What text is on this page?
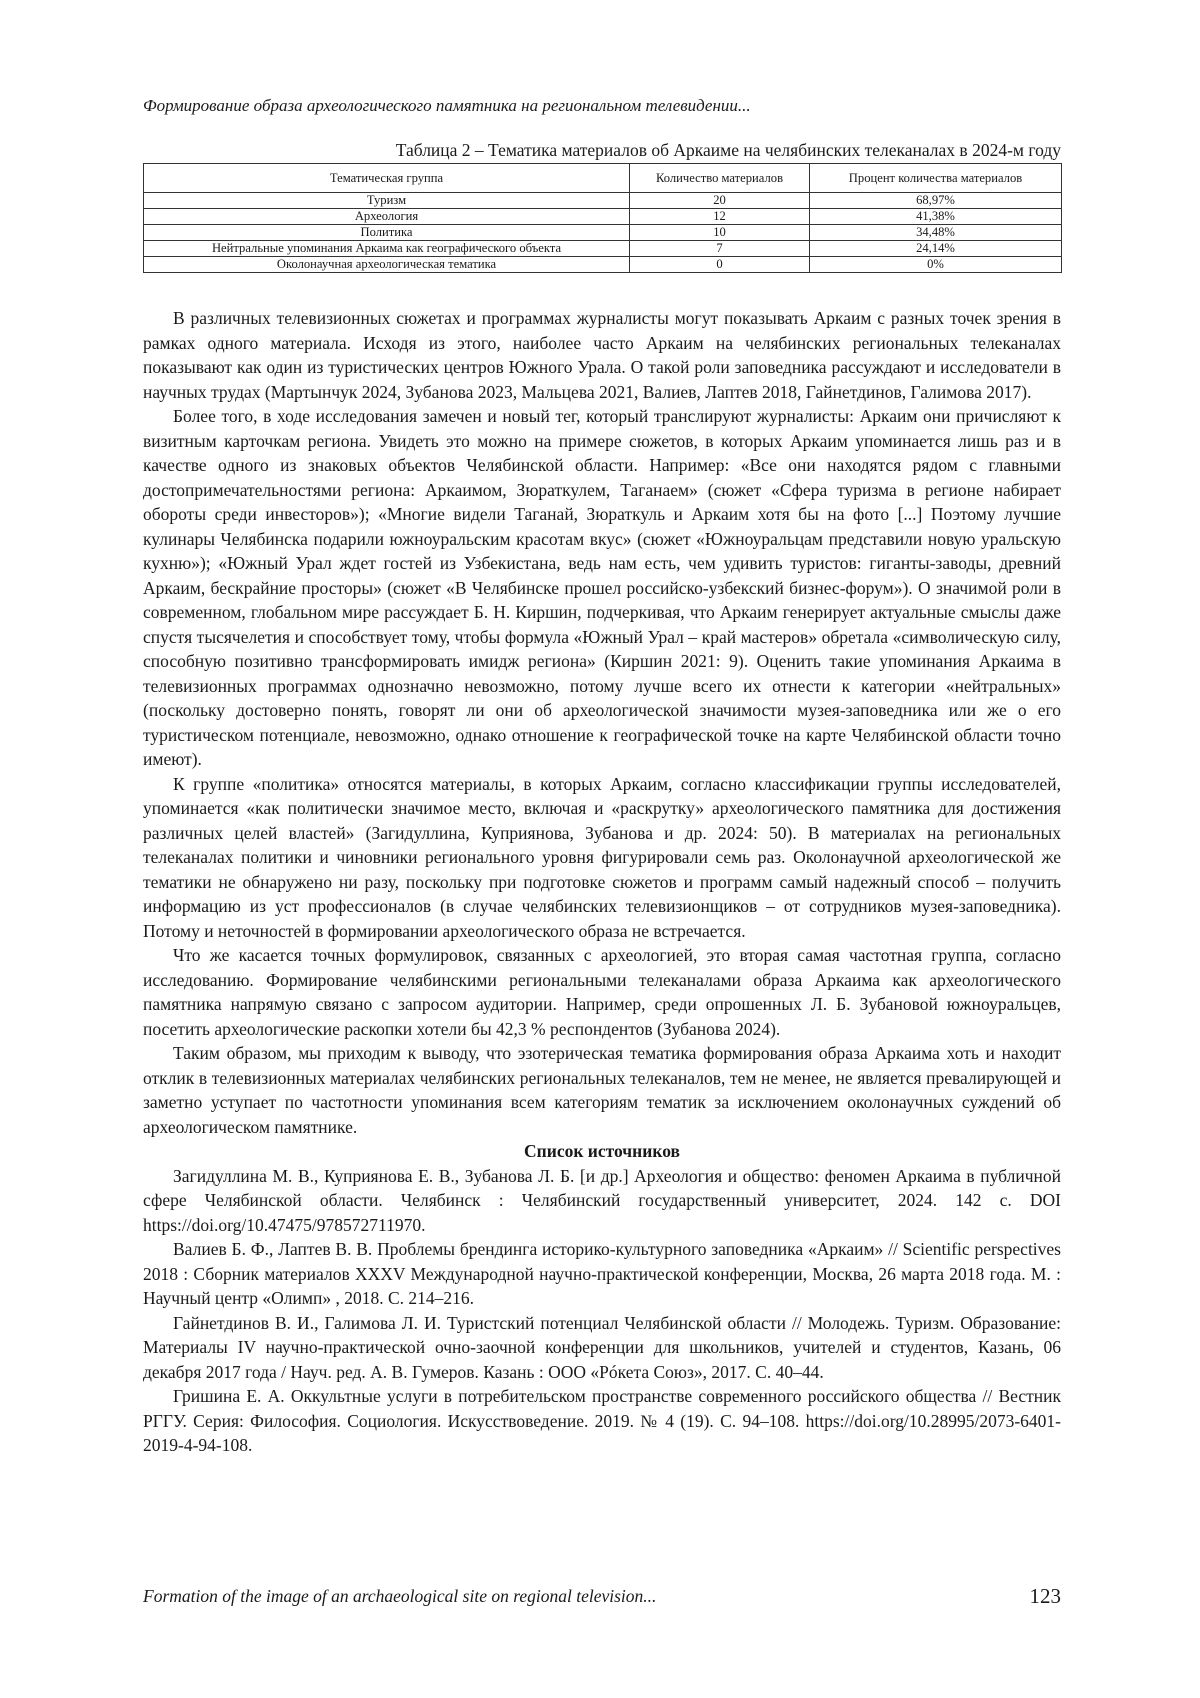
Формирование образа археологического памятника на региональном телевидении...
Таблица 2 – Тематика материалов об Аркаиме на челябинских телеканалах в 2024-м году
Тематическая группа	Количество материалов	Процент количества материалов
Туризм	20	68,97%
Археология	12	41,38%
Политика	10	34,48%
Нейтральные упоминания Аркаима как географического объекта	7	24,14%
Околонаучная археологическая тематика	0	0%

В различных телевизионных сюжетах и программах журналисты могут показывать Аркаим с разных точек зрения в рамках одного материала. Исходя из этого, наиболее часто Аркаим на челябинских региональных телеканалах показывают как один из туристических центров Южного Урала. О такой роли заповедника рассуждают и исследователи в научных трудах (Мартынчук 2024, Зубанова 2023, Мальцева 2021, Валиев, Лаптев 2018, Гайнетдинов, Галимова 2017).

Более того, в ходе исследования замечен и новый тег, который транслируют журналисты: Аркаим они причисляют к визитным карточкам региона. Увидеть это можно на примере сюжетов, в которых Аркаим упоминается лишь раз и в качестве одного из знаковых объектов Челябинской области. Например: «Все они находятся рядом с главными достопримечательностями региона: Аркаимом, Зюраткулем, Таганаем» (сюжет «Сфера туризма в регионе набирает обороты среди инвесторов»); «Многие видели Таганай, Зюраткуль и Аркаим хотя бы на фото [...] Поэтому лучшие кулинары Челябинска подарили южноуральским красотам вкус» (сюжет «Южноуральцам представили новую уральскую кухню»); «Южный Урал ждет гостей из Узбекистана, ведь нам есть, чем удивить туристов: гиганты-заводы, древний Аркаим, бескрайние просторы» (сюжет «В Челябинске прошел российско-узбекский бизнес-форум»). О значимой роли в современном, глобальном мире рассуждает Б. Н. Киршин, подчеркивая, что Аркаим генерирует актуальные смыслы даже спустя тысячелетия и способствует тому, чтобы формула «Южный Урал – край мастеров» обретала «символическую силу, способную позитивно трансформировать имидж региона» (Киршин 2021: 9). Оценить такие упоминания Аркаима в телевизионных программах однозначно невозможно, потому лучше всего их отнести к категории «нейтральных» (поскольку достоверно понять, говорят ли они об археологической значимости музея-заповедника или же о его туристическом потенциале, невозможно, однако отношение к географической точке на карте Челябинской области точно имеют).

К группе «политика» относятся материалы, в которых Аркаим, согласно классификации группы исследователей, упоминается «как политически значимое место, включая и «раскрутку» археологического памятника для достижения различных целей властей» (Загидуллина, Куприянова, Зубанова и др. 2024: 50). В материалах на региональных телеканалах политики и чиновники регионального уровня фигурировали семь раз. Околонаучной археологической же тематики не обнаружено ни разу, поскольку при подготовке сюжетов и программ самый надежный способ – получить информацию из уст профессионалов (в случае челябинских телевизионщиков – от сотрудников музея-заповедника). Потому и неточностей в формировании археологического образа не встречается.

Что же касается точных формулировок, связанных с археологией, это вторая самая частотная группа, согласно исследованию. Формирование челябинскими региональными телеканалами образа Аркаима как археологического памятника напрямую связано с запросом аудитории. Например, среди опрошенных Л. Б. Зубановой южноуральцев, посетить археологические раскопки хотели бы 42,3 % респондентов (Зубанова 2024).

Таким образом, мы приходим к выводу, что эзотерическая тематика формирования образа Аркаима хоть и находит отклик в телевизионных материалах челябинских региональных телеканалов, тем не менее, не является превалирующей и заметно уступает по частотности упоминания всем категориям тематик за исключением околонаучных суждений об археологическом памятнике.

Список источников

Загидуллина М. В., Куприянова Е. В., Зубанова Л. Б. [и др.] Археология и общество: феномен Аркаима в публичной сфере Челябинской области. Челябинск : Челябинский государственный университет, 2024. 142 с. DOI https://doi.org/10.47475/978572711970.

Валиев Б. Ф., Лаптев В. В. Проблемы брендинга историко-культурного заповедника «Аркаим» // Scientific perspectives 2018 : Сборник материалов XXXV Международной научно-практической конференции, Москва, 26 марта 2018 года. М. : Научный центр «Олимп» , 2018. С. 214–216.

Гайнетдинов В. И., Галимова Л. И. Туристский потенциал Челябинской области // Молодежь. Туризм. Образование: Материалы IV научно-практической очно-заочной конференции для школьников, учителей и студентов, Казань, 06 декабря 2017 года / Науч. ред. А. В. Гумеров. Казань : ООО «Рóкета Союз», 2017. С. 40–44.

Гришина Е. А. Оккультные услуги в потребительском пространстве современного российского общества // Вестник РГГУ. Серия: Философия. Социология. Искусствоведение. 2019. № 4 (19). С. 94–108. https://doi.org/10.28995/2073-6401-2019-4-94-108.

Formation of the image of an archaeological site on regional television...	123
